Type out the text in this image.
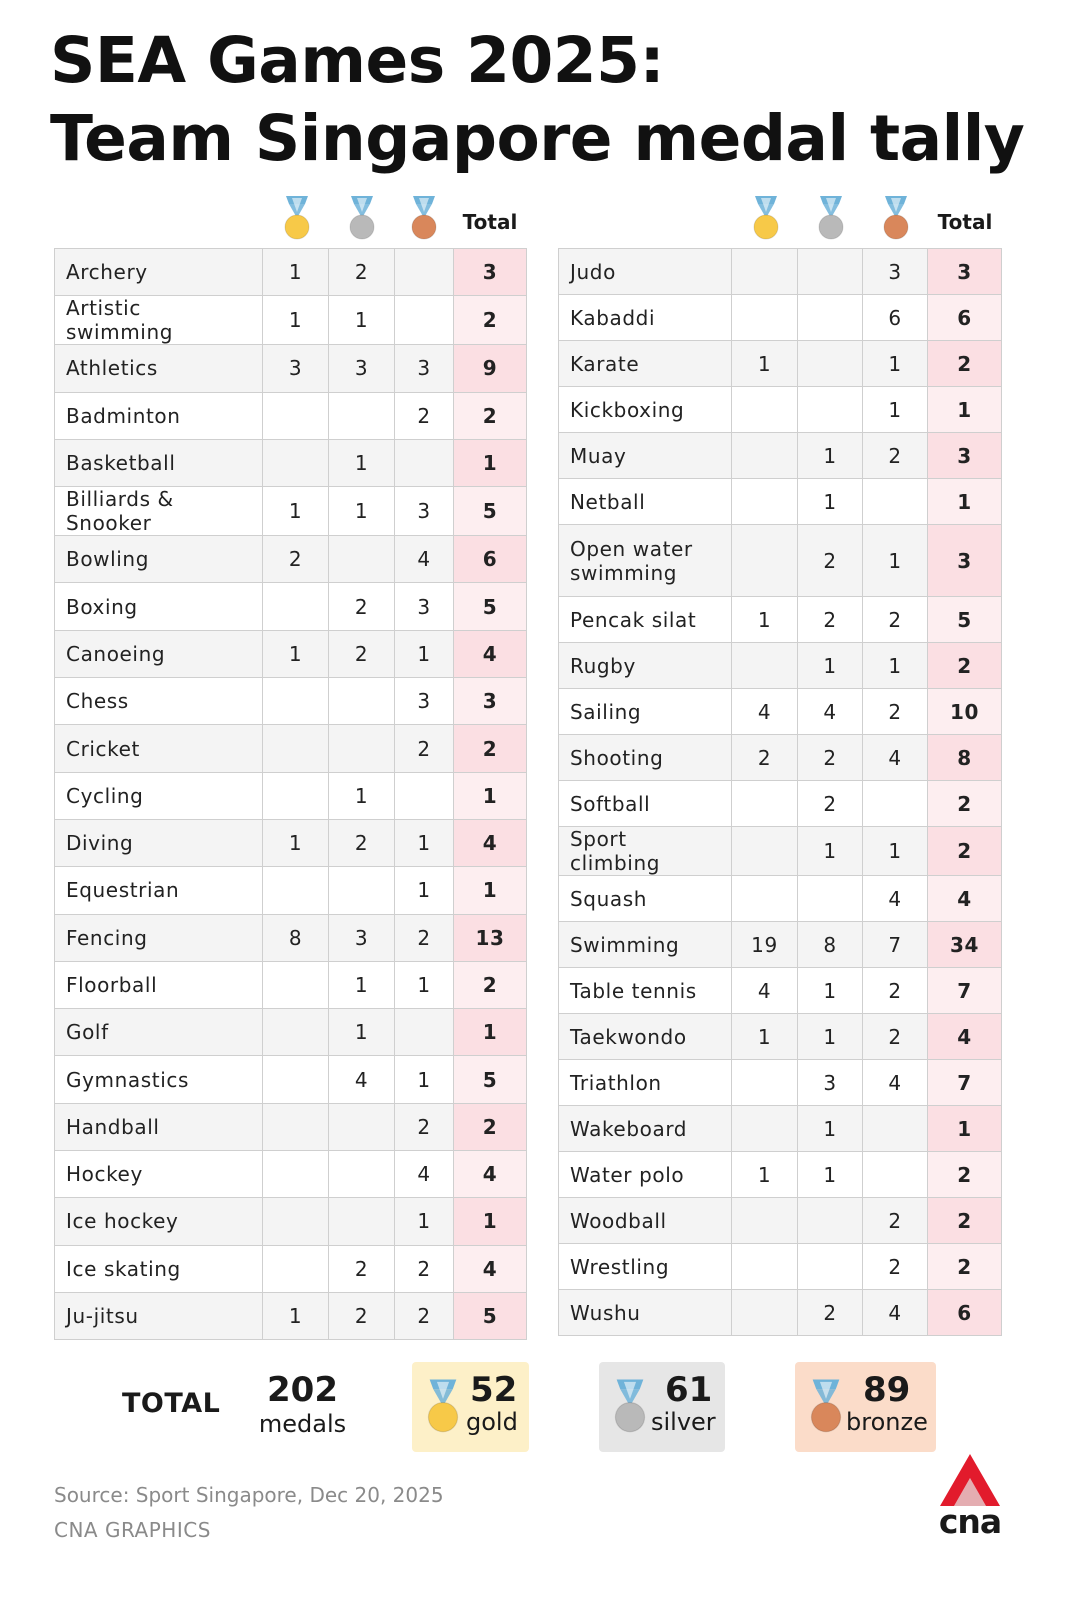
SEA Games 2025:
Team Singapore medal tally
Total
Archery	1	2		3
Artistic swimming	1	1		2
Athletics	3	3	3	9
Badminton			2	2
Basketball		1		1
Billiards & Snooker	1	1	3	5
Bowling	2		4	6
Boxing		2	3	5
Canoeing	1	2	1	4
Chess			3	3
Cricket			2	2
Cycling		1		1
Diving	1	2	1	4
Equestrian			1	1
Fencing	8	3	2	13
Floorball		1	1	2
Golf		1		1
Gymnastics		4	1	5
Handball			2	2
Hockey			4	4
Ice hockey			1	1
Ice skating		2	2	4
Ju-jitsu	1	2	2	5
Total
Judo			3	3
Kabaddi			6	6
Karate	1		1	2
Kickboxing			1	1
Muay		1	2	3
Netball		1		1
Open water swimming		2	1	3
Pencak silat	1	2	2	5
Rugby		1	1	2
Sailing	4	4	2	10
Shooting	2	2	4	8
Softball		2		2
Sport climbing		1	1	2
Squash			4	4
Swimming	19	8	7	34
Table tennis	4	1	2	7
Taekwondo	1	1	2	4
Triathlon		3	4	7
Wakeboard		1		1
Water polo	1	1		2
Woodball			2	2
Wrestling			2	2
Wushu		2	4	6
TOTAL	202
medals
52
gold
61
silver
89
bronze
Source: Sport Singapore, Dec 20, 2025
CNA GRAPHICS	cna
